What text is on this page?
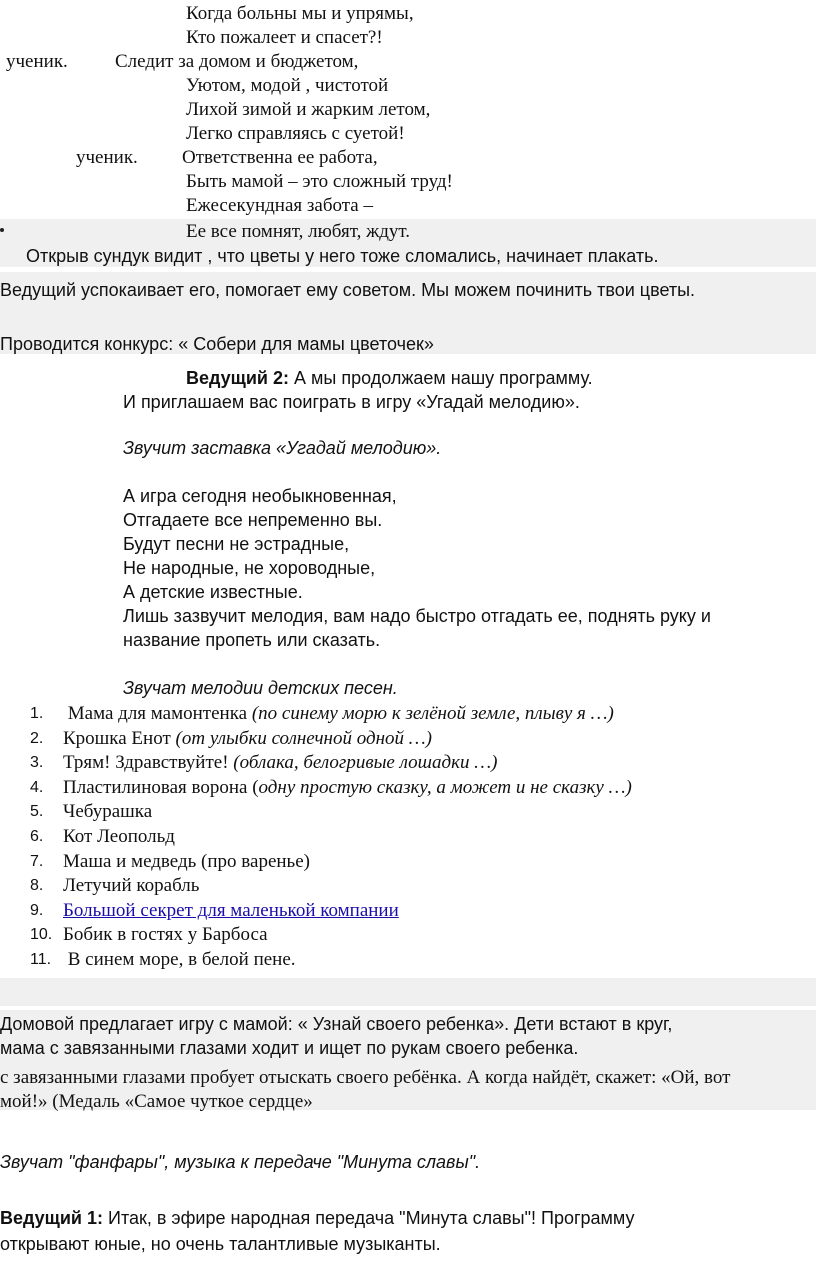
Когда больны мы и упрямы,
Кто пожалеет и спасет?!
ученик. Следит за домом и бюджетом,
Уютом, модой , чистотой
Лихой зимой и жарким летом,
Легко справляясь с суетой!
ученик. Ответственна ее работа,
Быть мамой – это сложный труд!
Ежесекундная забота –
Ее все помнят, любят, ждут.
Открыв сундук видит , что цветы у него тоже сломались, начинает плакать.
Ведущий успокаивает его, помогает ему советом. Мы можем починить твои цветы.
Проводится конкурс: « Собери для мамы цветочек»
Ведущий 2: А мы продолжаем нашу программу.
И приглашаем вас поиграть в игру «Угадай мелодию».
Звучит заставка «Угадай мелодию».
А игра сегодня необыкновенная,
Отгадаете все непременно вы.
Будут песни не эстрадные,
Не народные, не хороводные,
А детские известные.
Лишь зазвучит мелодия, вам надо быстро отгадать ее, поднять руку и
название пропеть или сказать.
Звучат мелодии детских песен.
1.	Мама для мамонтенка (по синему морю к зелёной земле, плыву я …)
2.	Крошка Енот (от улыбки солнечной одной …)
3.	Трям! Здравствуйте! (облака, белогривые лошадки …)
4.	Пластилиновая ворона (одну простую сказку, а может и не сказку …)
5.	Чебурашка
6.	Кот Леопольд
7.	Маша и медведь (про варенье)
8.	Летучий корабль
9.	Большой секрет для маленькой компании
10. Бобик в гостях у Барбоса
11. В синем море, в белой пене.
Домовой предлагает игру с мамой: « Узнай своего ребенка». Дети встают в круг,
мама с завязанными глазами ходит и ищет по рукам своего ребенка.
с завязанными глазами пробует отыскать своего ребёнка. А когда найдёт, скажет: «Ой, вот
мой!» (Медаль «Самое чуткое сердце»
Звучат "фанфары", музыка к передаче "Минута славы".
Ведущий 1: Итак, в эфире народная передача "Минута славы"! Программу
открывают юные, но очень талантливые музыканты.
